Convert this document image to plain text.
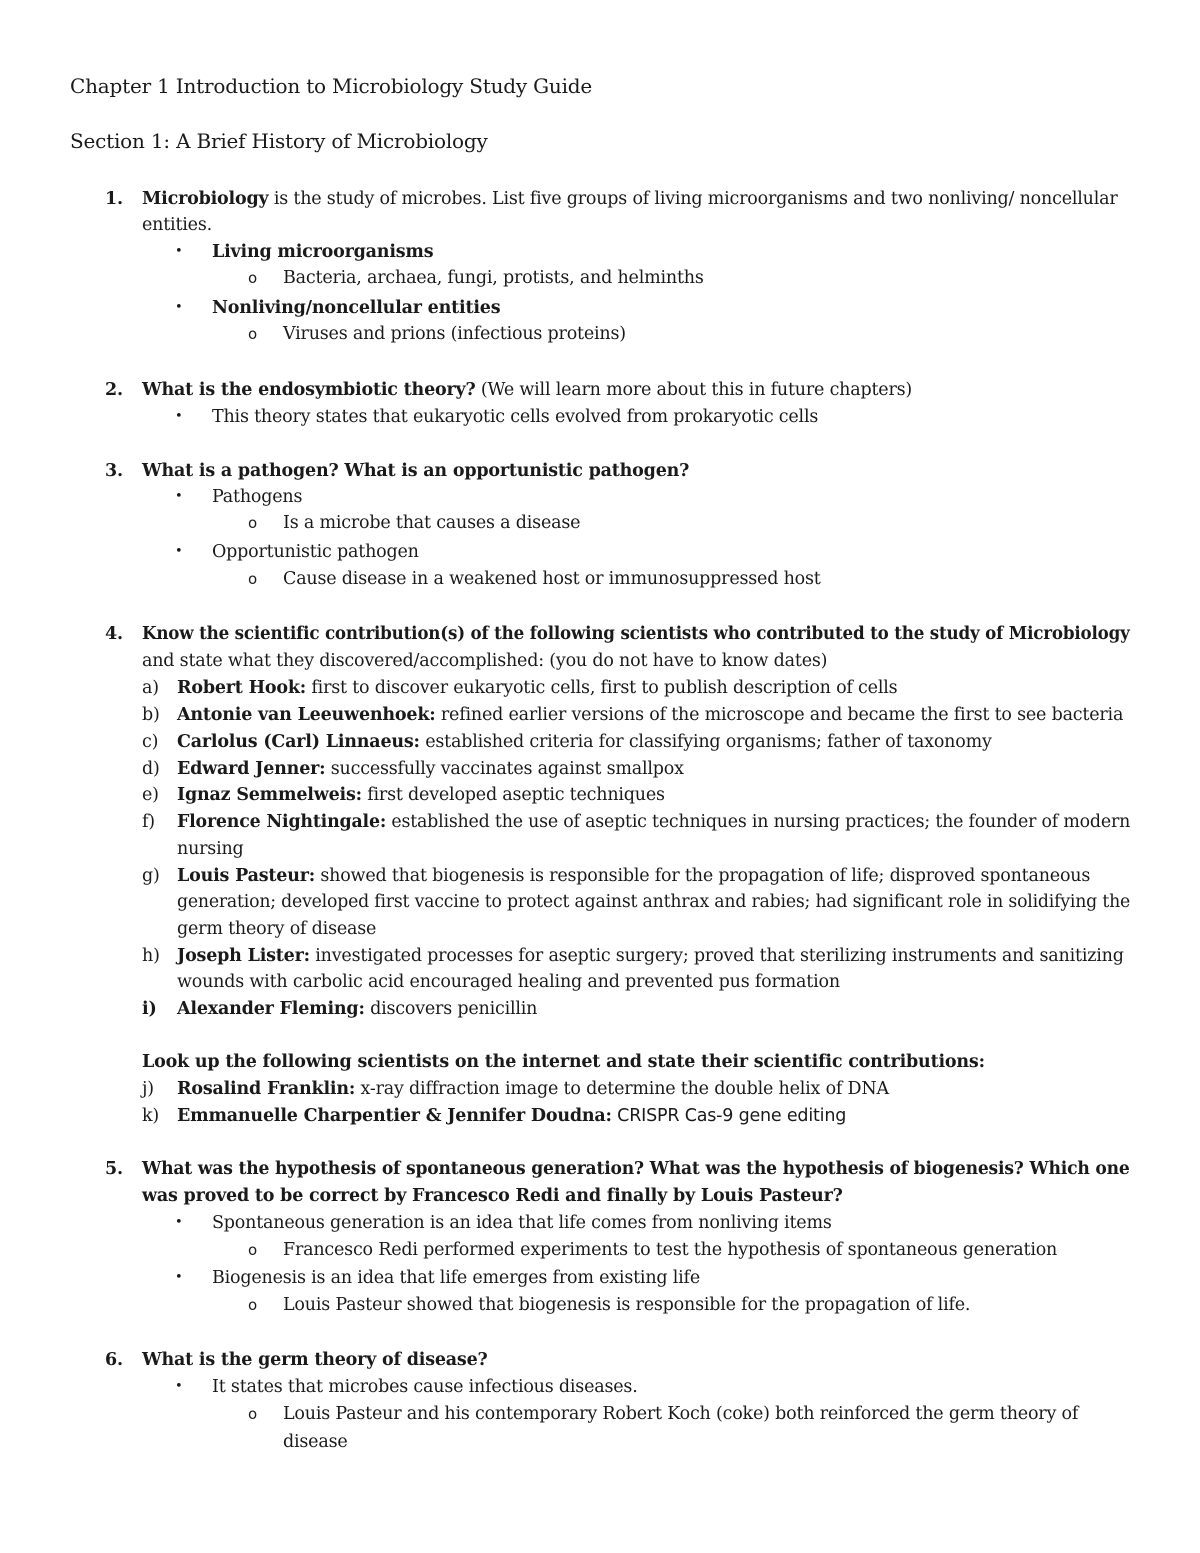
Chapter 1 Introduction to Microbiology Study Guide
Section 1: A Brief History of Microbiology
1. Microbiology is the study of microbes. List five groups of living microorganisms and two nonliving/ noncellular
entities.
• Living microorganisms
o Bacteria, archaea, fungi, protists, and helminths
• Nonliving/noncellular entities
o Viruses and prions (infectious proteins)
2. What is the endosymbiotic theory? (We will learn more about this in future chapters)
• This theory states that eukaryotic cells evolved from prokaryotic cells
3. What is a pathogen? What is an opportunistic pathogen?
• Pathogens
o Is a microbe that causes a disease
• Opportunistic pathogen
o Cause disease in a weakened host or immunosuppressed host
4. Know the scientific contribution(s) of the following scientists who contributed to the study of Microbiology
and state what they discovered/accomplished: (you do not have to know dates)
a) Robert Hook: first to discover eukaryotic cells, first to publish description of cells
b) Antonie van Leeuwenhoek: refined earlier versions of the microscope and became the first to see bacteria
c) Carlolus (Carl) Linnaeus: established criteria for classifying organisms; father of taxonomy
d) Edward Jenner: successfully vaccinates against smallpox
e) Ignaz Semmelweis: first developed aseptic techniques
f) Florence Nightingale: established the use of aseptic techniques in nursing practices; the founder of modern
nursing
g) Louis Pasteur: showed that biogenesis is responsible for the propagation of life; disproved spontaneous
generation; developed first vaccine to protect against anthrax and rabies; had significant role in solidifying the
germ theory of disease
h) Joseph Lister: investigated processes for aseptic surgery; proved that sterilizing instruments and sanitizing
wounds with carbolic acid encouraged healing and prevented pus formation
i) Alexander Fleming: discovers penicillin
Look up the following scientists on the internet and state their scientific contributions:
j) Rosalind Franklin: x-ray diffraction image to determine the double helix of DNA
k) Emmanuelle Charpentier & Jennifer Doudna: CRISPR Cas-9 gene editing
5. What was the hypothesis of spontaneous generation? What was the hypothesis of biogenesis? Which one
was proved to be correct by Francesco Redi and finally by Louis Pasteur?
• Spontaneous generation is an idea that life comes from nonliving items
o Francesco Redi performed experiments to test the hypothesis of spontaneous generation
• Biogenesis is an idea that life emerges from existing life
o Louis Pasteur showed that biogenesis is responsible for the propagation of life.
6. What is the germ theory of disease?
• It states that microbes cause infectious diseases.
o Louis Pasteur and his contemporary Robert Koch (coke) both reinforced the germ theory of
disease
